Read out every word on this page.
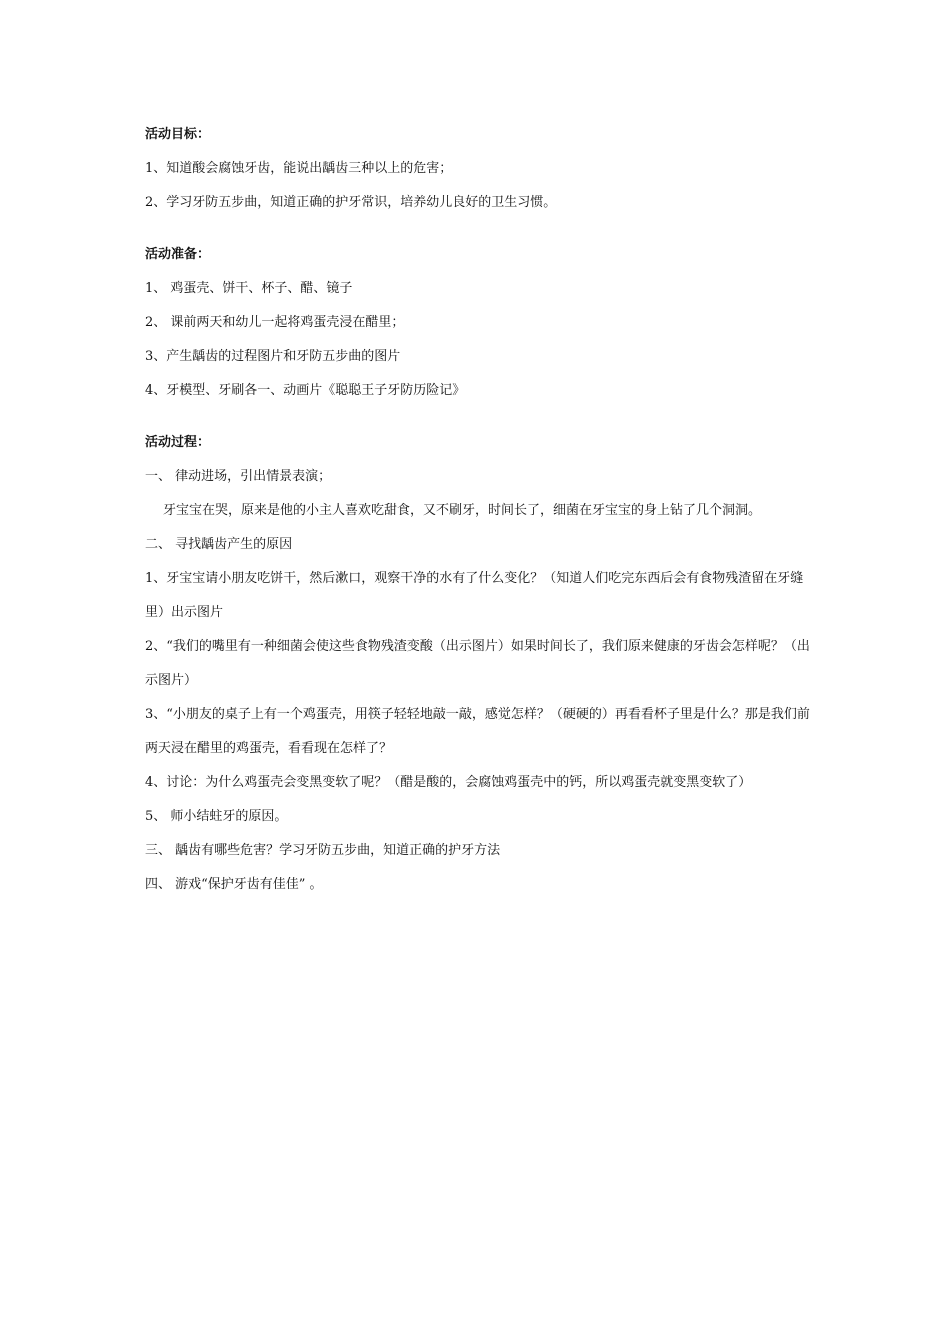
活动目标：
1、知道酸会腐蚀牙齿，能说出龋齿三种以上的危害；
2、学习牙防五步曲，知道正确的护牙常识，培养幼儿良好的卫生习惯。
活动准备：
1、 鸡蛋壳、饼干、杯子、醋、镜子
2、 课前两天和幼儿一起将鸡蛋壳浸在醋里；
3、产生龋齿的过程图片和牙防五步曲的图片
4、牙模型、牙刷各一、动画片《聪聪王子牙防历险记》
活动过程：
一、 律动进场，引出情景表演；
牙宝宝在哭，原来是他的小主人喜欢吃甜食，又不刷牙，时间长了，细菌在牙宝宝的身上钻了几个洞洞。
二、 寻找龋齿产生的原因
1、牙宝宝请小朋友吃饼干，然后漱口，观察干净的水有了什么变化？（知道人们吃完东西后会有食物残渣留在牙缝里）出示图片
2、“我们的嘴里有一种细菌会使这些食物残渣变酸（出示图片）如果时间长了，我们原来健康的牙齿会怎样呢？（出示图片）
3、“小朋友的桌子上有一个鸡蛋壳，用筷子轻轻地敲一敲，感觉怎样？（硬硬的）再看看杯子里是什么？那是我们前两天浸在醋里的鸡蛋壳，看看现在怎样了？
4、讨论：为什么鸡蛋壳会变黑变软了呢？（醋是酸的，会腐蚀鸡蛋壳中的钙，所以鸡蛋壳就变黑变软了）
5、 师小结蛀牙的原因。
三、 龋齿有哪些危害？学习牙防五步曲，知道正确的护牙方法
四、 游戏“保护牙齿有佳佳” 。
